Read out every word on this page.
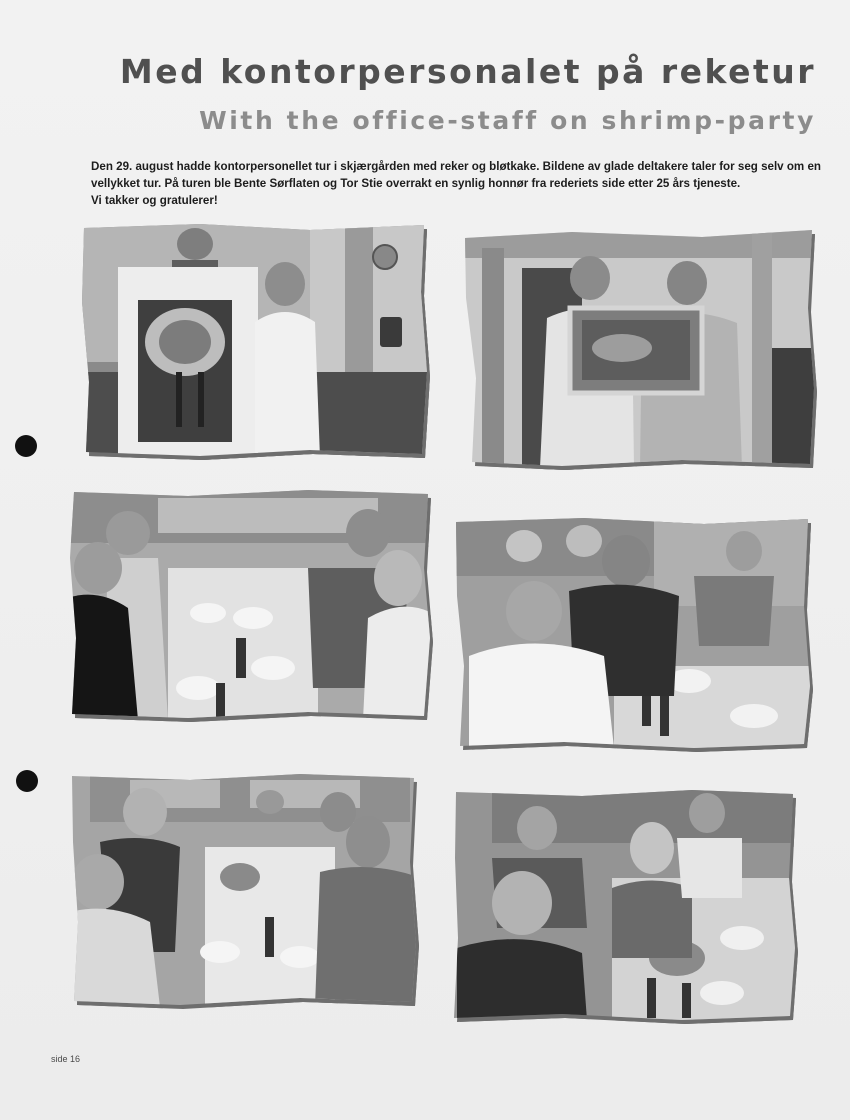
Med kontorpersonalet på reketur
With the office-staff on shrimp-party

Den 29. august hadde kontorpersonellet tur i skjærgården med reker og bløtkake. Bildene av glade deltakere taler for seg selv om en vellykket tur. På turen ble Bente Sørflaten og Tor Stie overrakt en synlig honnør fra rederiets side etter 25 års tjeneste.

Vi takker og gratulerer!

side 16
